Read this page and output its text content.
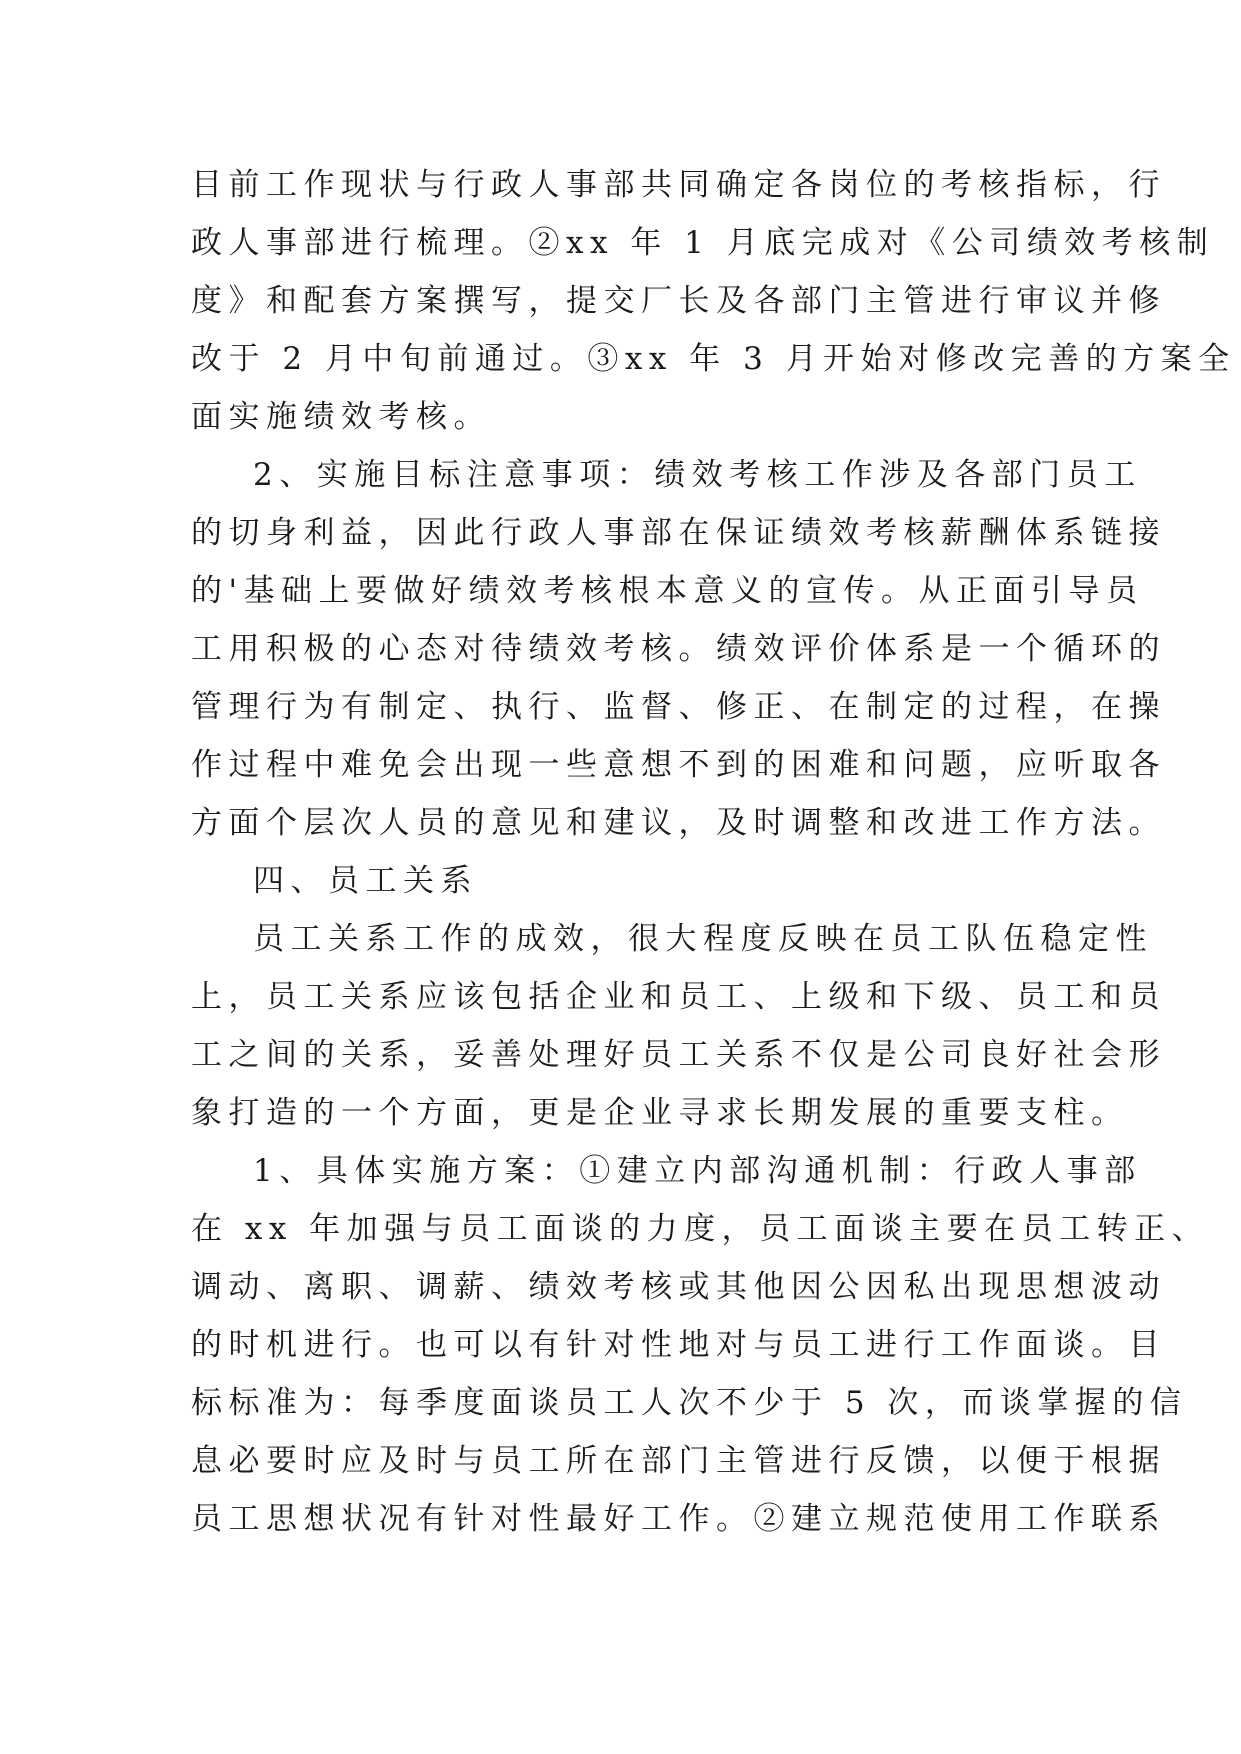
目前工作现状与行政人事部共同确定各岗位的考核指标，行
政人事部进行梳理。②xx 年 1 月底完成对《公司绩效考核制
度》和配套方案撰写，提交厂长及各部门主管进行审议并修
改于 2 月中旬前通过。③xx 年 3 月开始对修改完善的方案全
面实施绩效考核。
2、实施目标注意事项：绩效考核工作涉及各部门员工
的切身利益，因此行政人事部在保证绩效考核薪酬体系链接
的'基础上要做好绩效考核根本意义的宣传。从正面引导员
工用积极的心态对待绩效考核。绩效评价体系是一个循环的
管理行为有制定、执行、监督、修正、在制定的过程，在操
作过程中难免会出现一些意想不到的困难和问题，应听取各
方面个层次人员的意见和建议，及时调整和改进工作方法。
四、员工关系
员工关系工作的成效，很大程度反映在员工队伍稳定性
上，员工关系应该包括企业和员工、上级和下级、员工和员
工之间的关系，妥善处理好员工关系不仅是公司良好社会形
象打造的一个方面，更是企业寻求长期发展的重要支柱。
1、具体实施方案：①建立内部沟通机制：行政人事部
在 xx 年加强与员工面谈的力度，员工面谈主要在员工转正、
调动、离职、调薪、绩效考核或其他因公因私出现思想波动
的时机进行。也可以有针对性地对与员工进行工作面谈。目
标标准为：每季度面谈员工人次不少于 5 次，而谈掌握的信
息必要时应及时与员工所在部门主管进行反馈，以便于根据
员工思想状况有针对性最好工作。②建立规范使用工作联系
